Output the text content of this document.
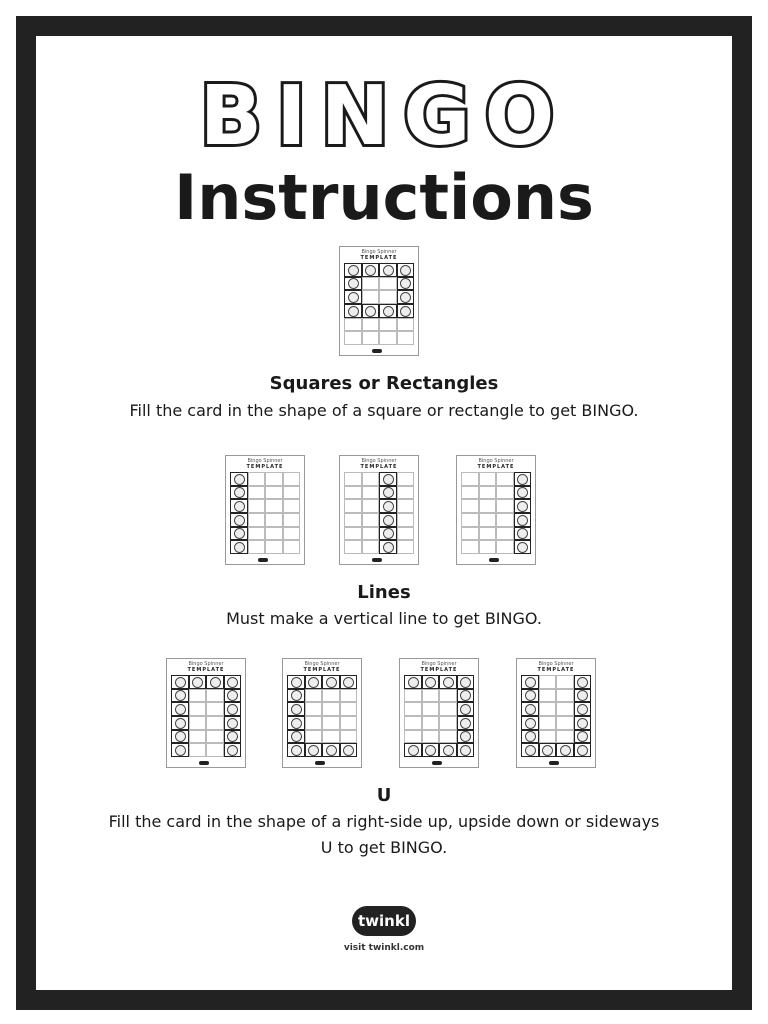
BINGO
Instructions
Bingo Spinner
TEMPLATE
Squares or Rectangles
Fill the card in the shape of a square or rectangle to get BINGO.
Bingo Spinner
TEMPLATE
Bingo Spinner
TEMPLATE
Bingo Spinner
TEMPLATE
Lines
Must make a vertical line to get BINGO.
Bingo Spinner
TEMPLATE
Bingo Spinner
TEMPLATE
Bingo Spinner
TEMPLATE
Bingo Spinner
TEMPLATE
U
Fill the card in the shape of a right-side up, upside down or sideways
U to get BINGO.
twinkl
visit twinkl.com
